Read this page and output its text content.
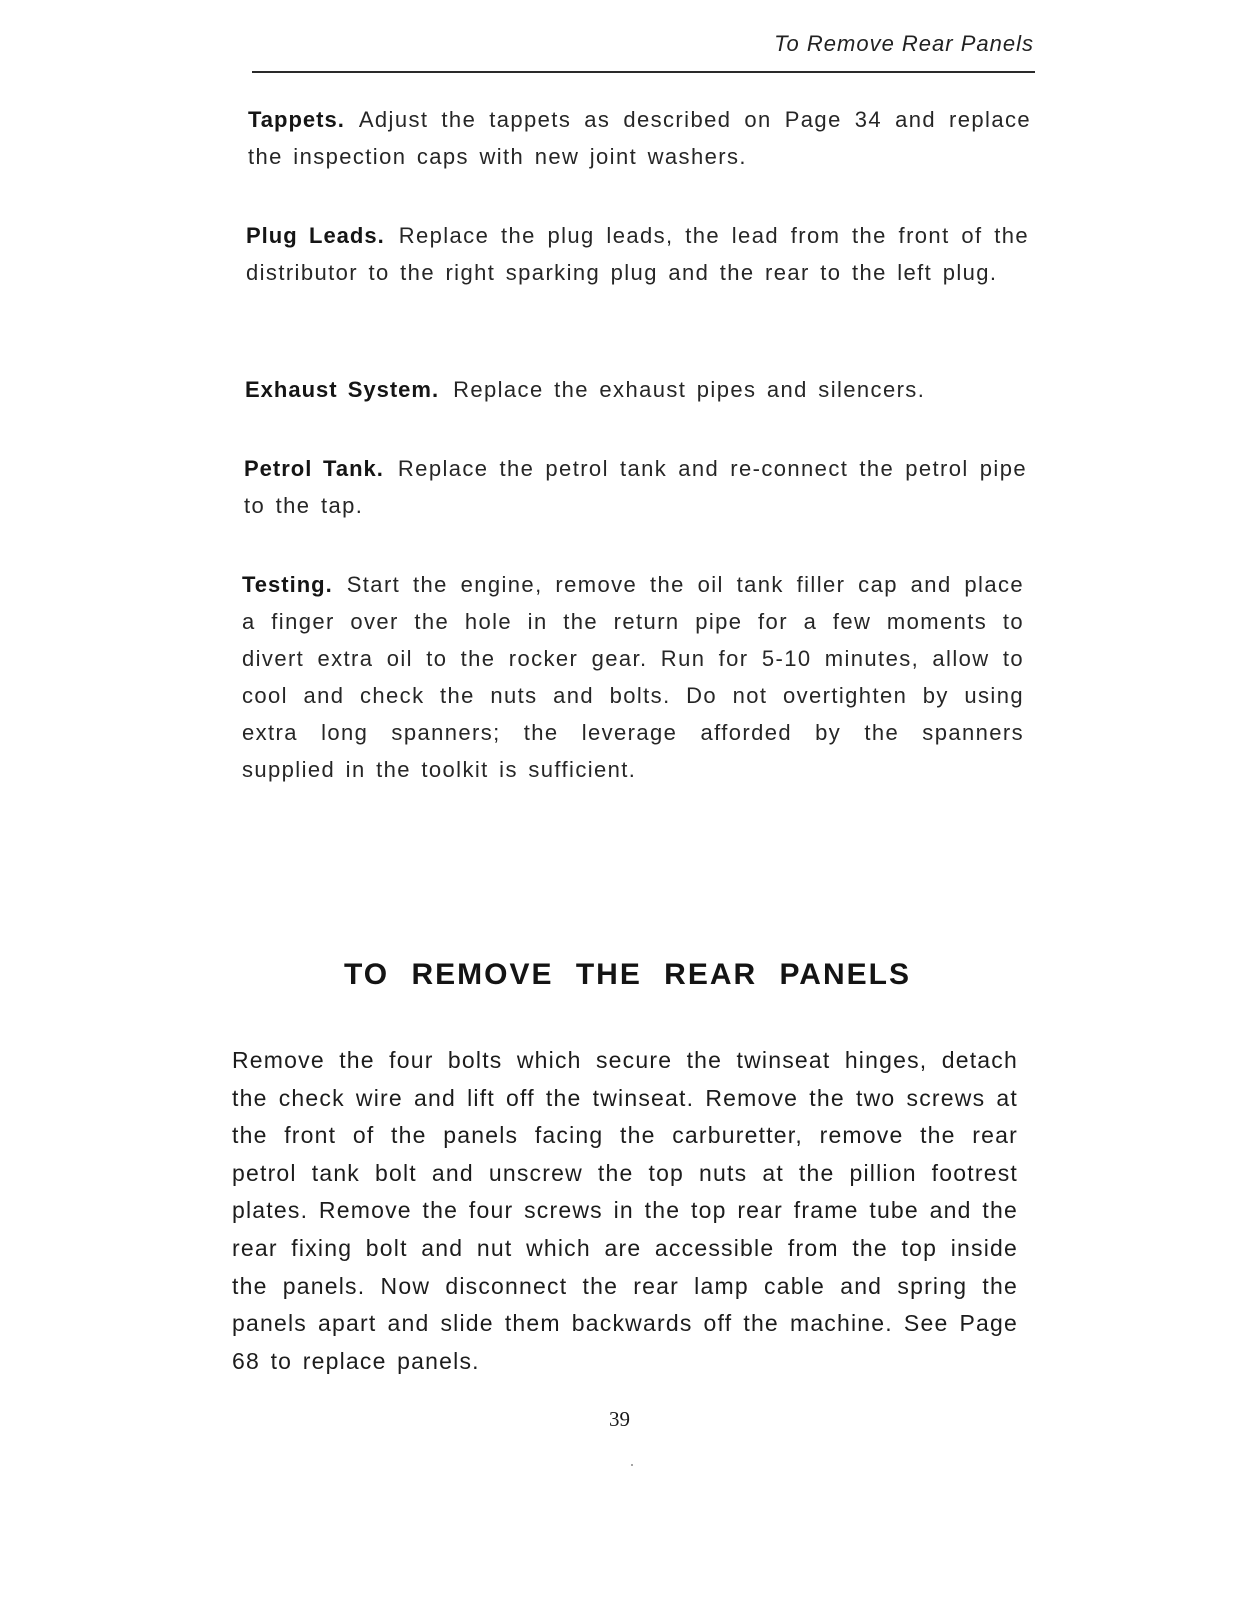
To Remove Rear Panels

Tappets. Adjust the tappets as described on Page 34 and replace the inspection caps with new joint washers.

Plug Leads. Replace the plug leads, the lead from the front of the distributor to the right sparking plug and the rear to the left plug.

Exhaust System. Replace the exhaust pipes and silencers.

Petrol Tank. Replace the petrol tank and re-connect the petrol pipe to the tap.

Testing. Start the engine, remove the oil tank filler cap and place a finger over the hole in the return pipe for a few moments to divert extra oil to the rocker gear. Run for 5-10 minutes, allow to cool and check the nuts and bolts. Do not overtighten by using extra long spanners; the leverage afforded by the spanners supplied in the toolkit is sufficient.

TO REMOVE THE REAR PANELS

Remove the four bolts which secure the twinseat hinges, detach the check wire and lift off the twinseat. Remove the two screws at the front of the panels facing the carburetter, remove the rear petrol tank bolt and unscrew the top nuts at the pillion footrest plates. Remove the four screws in the top rear frame tube and the rear fixing bolt and nut which are accessible from the top inside the panels. Now disconnect the rear lamp cable and spring the panels apart and slide them backwards off the machine. See Page 68 to replace panels.

39
